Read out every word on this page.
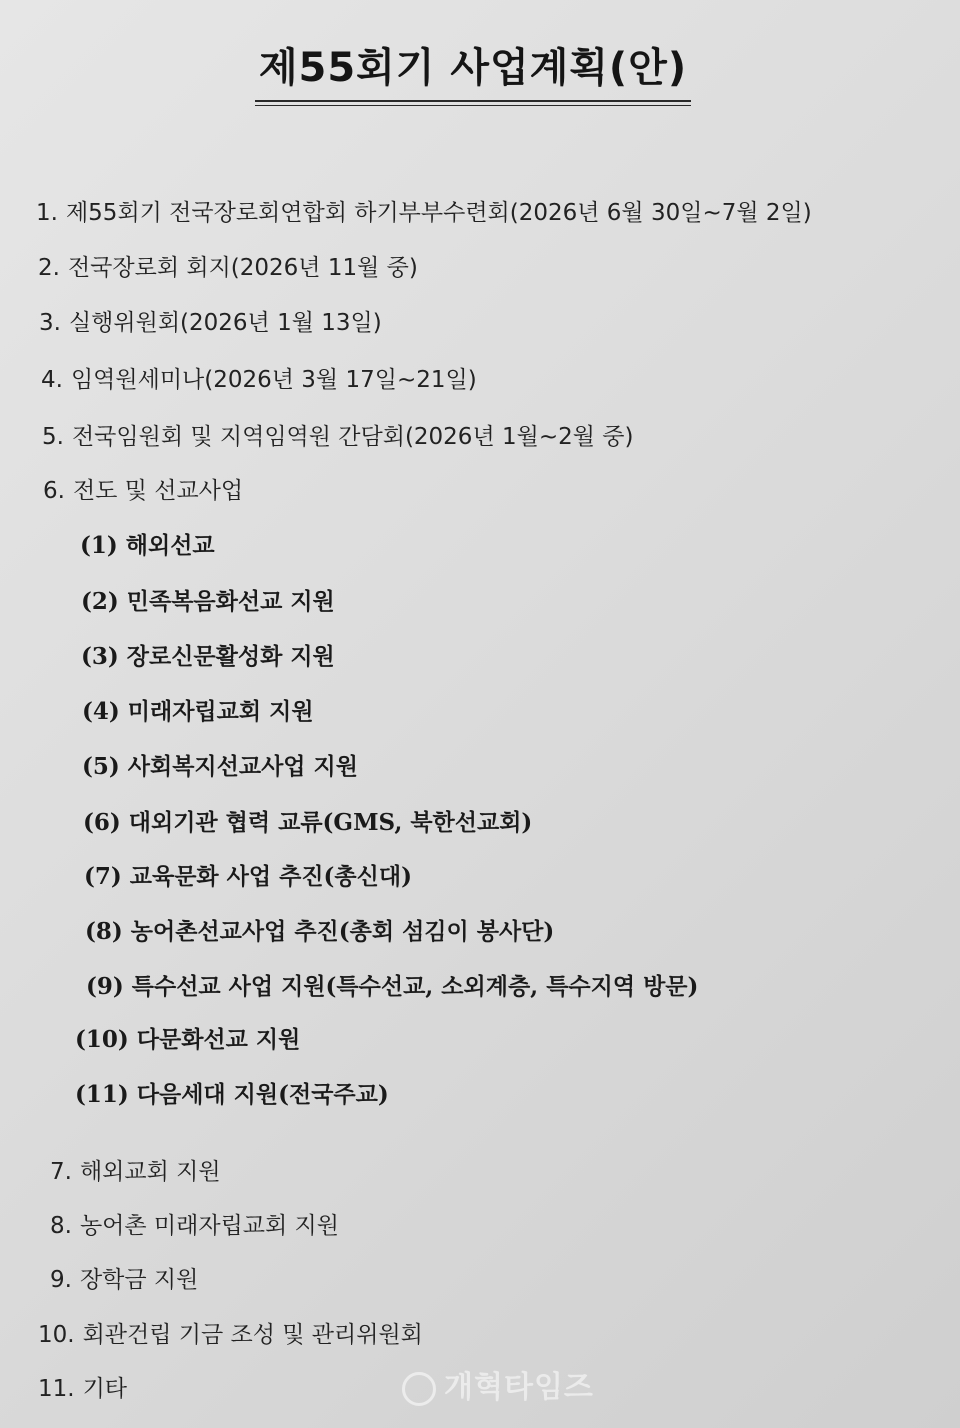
제55회기 사업계획(안)
1. 제55회기 전국장로회연합회 하기부부수련회(2026년 6월 30일~7월 2일)
2. 전국장로회 회지(2026년 11월 중)
3. 실행위원회(2026년 1월 13일)
4. 임역원세미나(2026년 3월 17일~21일)
5. 전국임원회 및 지역임역원 간담회(2026년 1월~2월 중)
6. 전도 및 선교사업
(1) 해외선교
(2) 민족복음화선교 지원
(3) 장로신문활성화 지원
(4) 미래자립교회 지원
(5) 사회복지선교사업 지원
(6) 대외기관 협력 교류(GMS, 북한선교회)
(7) 교육문화 사업 추진(총신대)
(8) 농어촌선교사업 추진(총회 섬김이 봉사단)
(9) 특수선교 사업 지원(특수선교, 소외계층, 특수지역 방문)
(10) 다문화선교 지원
(11) 다음세대 지원(전국주교)
7. 해외교회 지원
8. 농어촌 미래자립교회 지원
9. 장학금 지원
10. 회관건립 기금 조성 및 관리위원회
11. 기타	개혁타임즈
